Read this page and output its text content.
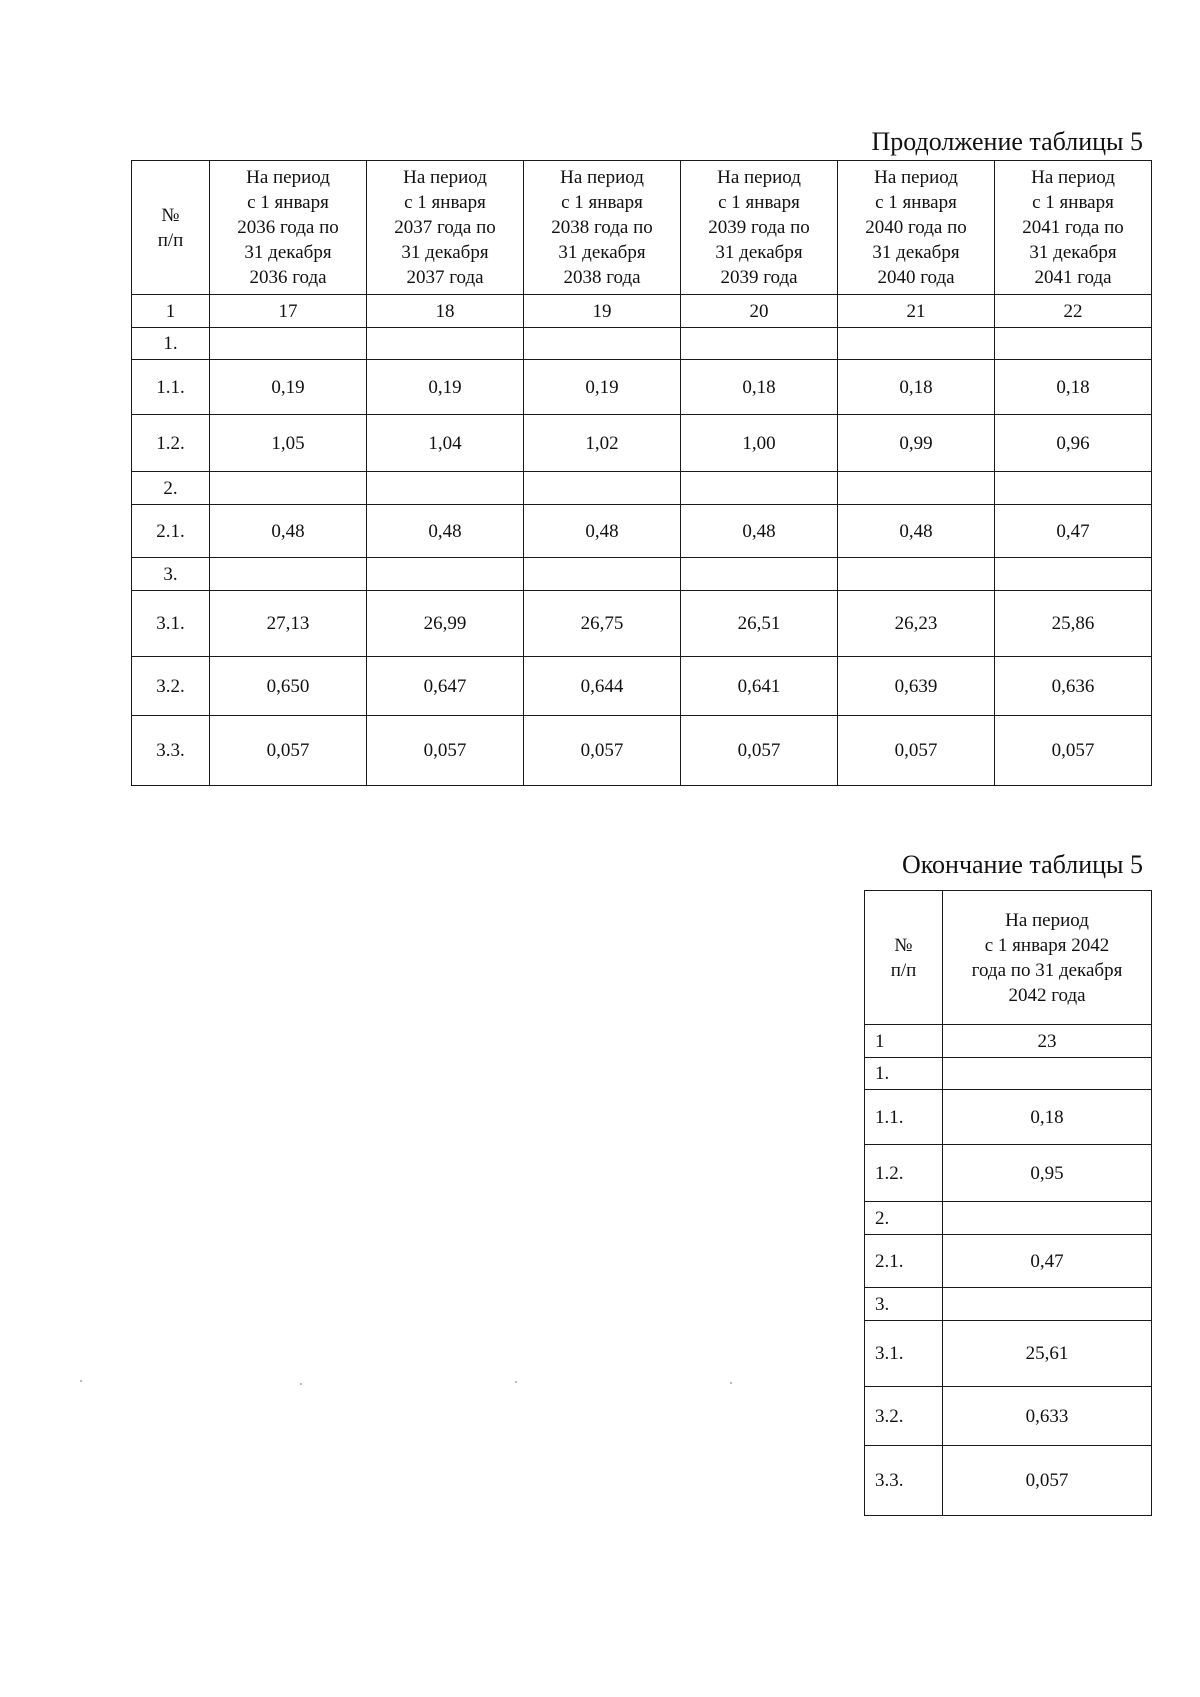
Продолжение таблицы 5
№
п/п	На период
с 1 января
2036 года по
31 декабря
2036 года	На период
с 1 января
2037 года по
31 декабря
2037 года	На период
с 1 января
2038 года по
31 декабря
2038 года	На период
с 1 января
2039 года по
31 декабря
2039 года	На период
с 1 января
2040 года по
31 декабря
2040 года	На период
с 1 января
2041 года по
31 декабря
2041 года

1	17	18	19	20	21	22
1.						
1.1.	0,19	0,19	0,19	0,18	0,18	0,18
1.2.	1,05	1,04	1,02	1,00	0,99	0,96
2.						
2.1.	0,48	0,48	0,48	0,48	0,48	0,47
3.						
3.1.	27,13	26,99	26,75	26,51	26,23	25,86
3.2.	0,650	0,647	0,644	0,641	0,639	0,636
3.3.	0,057	0,057	0,057	0,057	0,057	0,057
Окончание таблицы 5
№
п/п	На период
с 1 января 2042
года по 31 декабря
2042 года

1	23
1.	
1.1.	0,18
1.2.	0,95
2.	
2.1.	0,47
3.	
3.1.	25,61
3.2.	0,633
3.3.	0,057
